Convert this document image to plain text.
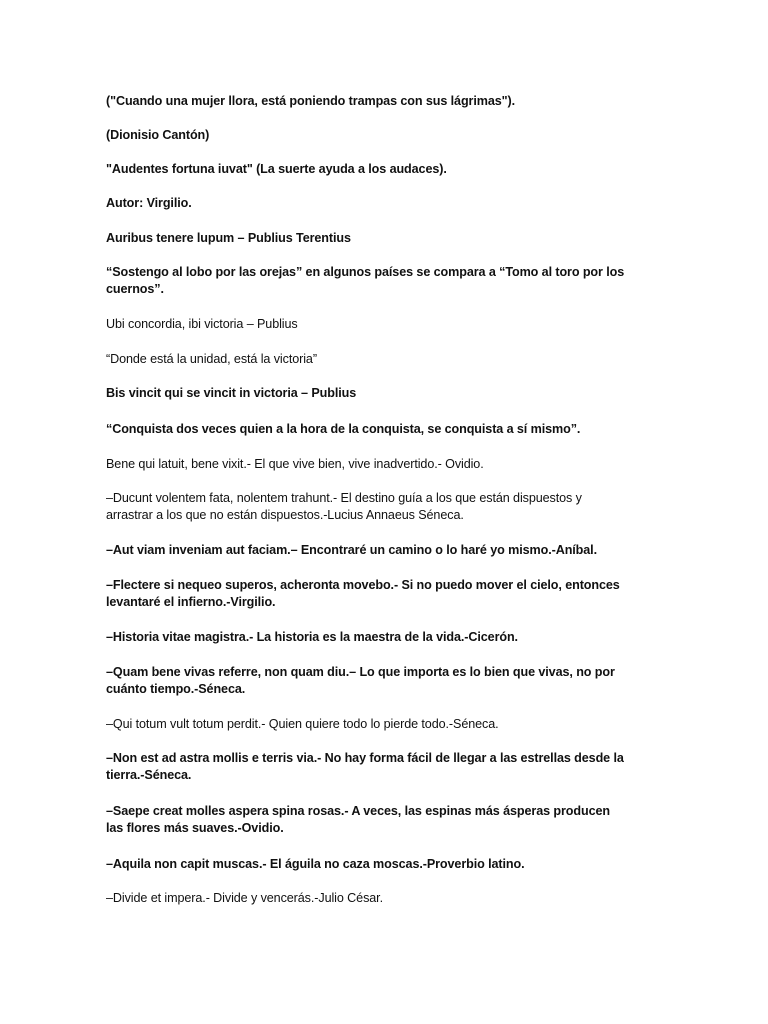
("Cuando una mujer llora, está poniendo trampas con sus lágrimas").

(Dionisio Cantón)

"Audentes fortuna iuvat" (La suerte ayuda a los audaces).

Autor: Virgilio.

Auribus tenere lupum – Publius Terentius

“Sostengo al lobo por las orejas” en algunos países se compara a “Tomo al toro por los cuernos”.

Ubi concordia, ibi victoria – Publius

“Donde está la unidad, está la victoria”

Bis vincit qui se vincit in victoria – Publius

“Conquista dos veces quien a la hora de la conquista, se conquista a sí mismo”.

Bene qui latuit, bene vixit.- El que vive bien, vive inadvertido.- Ovidio.

–Ducunt volentem fata, nolentem trahunt.- El destino guía a los que están dispuestos y arrastrar a los que no están dispuestos.-Lucius Annaeus Séneca.

–Aut viam inveniam aut faciam.– Encontraré un camino o lo haré yo mismo.-Aníbal.

–Flectere si nequeo superos, acheronta movebo.- Si no puedo mover el cielo, entonces levantaré el infierno.-Virgilio.

–Historia vitae magistra.- La historia es la maestra de la vida.-Cicerón.

–Quam bene vivas referre, non quam diu.– Lo que importa es lo bien que vivas, no por cuánto tiempo.-Séneca.

–Qui totum vult totum perdit.- Quien quiere todo lo pierde todo.-Séneca.

–Non est ad astra mollis e terris via.- No hay forma fácil de llegar a las estrellas desde la tierra.-Séneca.

–Saepe creat molles aspera spina rosas.- A veces, las espinas más ásperas producen las flores más suaves.-Ovidio.

–Aquila non capit muscas.- El águila no caza moscas.-Proverbio latino.

–Divide et impera.- Divide y vencerás.-Julio César.
